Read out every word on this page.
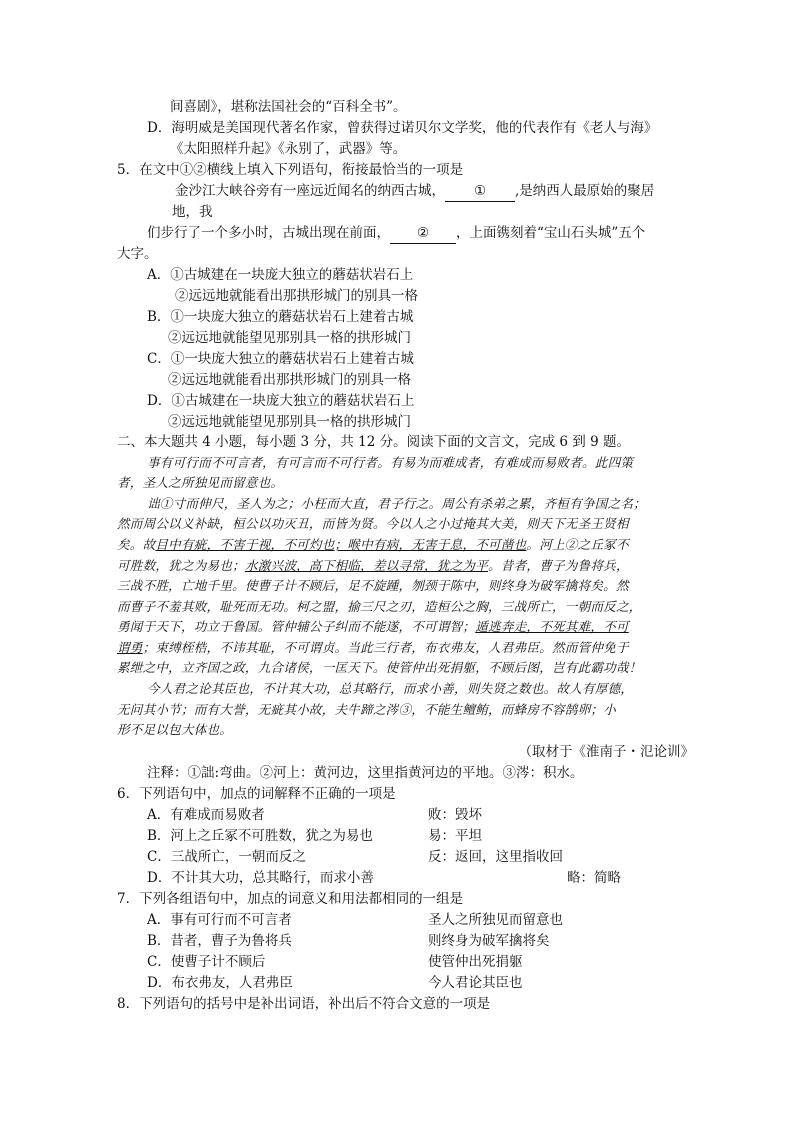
间喜剧》，堪称法国社会的“百科全书”。
D．海明威是美国现代著名作家，曾获得过诺贝尔文学奖，他的代表作有《老人与海》
《太阳照样升起》《永别了，武器》等。
5．在文中①②横线上填入下列语句，衔接最恰当的一项是
金沙江大峡谷旁有一座远近闻名的纳西古城， ① ,是纳西人最原始的聚居
地，我
们步行了一个多小时，古城出现在前面， ② ，上面镌刻着“宝山石头城”五个
大字。
A．①古城建在一块庞大独立的蘑菇状岩石上
②远远地就能看出那拱形城门的别具一格
B．①一块庞大独立的蘑菇状岩石上建着古城
②远远地就能望见那别具一格的拱形城门
C．①一块庞大独立的蘑菇状岩石上建着古城
②远远地就能看出那拱形城门的别具一格
D．①古城建在一块庞大独立的蘑菇状岩石上
②远远地就能望见那别具一格的拱形城门
二、本大题共 4 小题，每小题 3 分，共 12 分。阅读下面的文言文，完成 6 到 9 题。
事有可行而不可言者，有可言而不可行者。有易为而难成者，有难成而易败者。此四策
者，圣人之所独见而留意也。
诎①寸而伸尺，圣人为之；小枉而大直，君子行之。周公有杀弟之累，齐桓有争国之名；
然而周公以义补缺，桓公以功灭丑，而皆为贤。今以人之小过掩其大美，则天下无圣王贤相
矣。故目中有疵，不害于视，不可灼也；喉中有病，无害于息，不可凿也。河上②之丘冢不
可胜数，犹之为易也；水激兴波，高下相临，差以寻常，犹之为平。昔者，曹子为鲁将兵，
三战不胜，亡地千里。使曹子计不顾后，足不旋踵，刎颈于陈中，则终身为破军擒将矣。然
而曹子不羞其败，耻死而无功。柯之盟，揄三尺之刃，造桓公之胸，三战所亡，一朝而反之，
勇闻于天下，功立于鲁国。管仲辅公子纠而不能遂，不可谓智；遁逃奔走，不死其难，不可
谓勇；束缚桎梏，不讳其耻，不可谓贞。当此三行者，布衣弗友，人君弗臣。然而管仲免于
累绁之中，立齐国之政，九合诸侯，一匡天下。使管仲出死捐躯，不顾后图，岂有此霸功哉！
今人君之论其臣也，不计其大功，总其略行，而求小善，则失贤之数也。故人有厚德，
无问其小节；而有大誉，无疵其小故，夫牛蹄之涔③，不能生鳣鲔，而蜂房不容鹄卵；小
形不足以包大体也。
（取材于《淮南子・氾论训》
注释：①詘:弯曲。②河上：黄河边，这里指黄河边的平地。③涔：积水。
6．下列语句中，加点的词解释不正确的一项是
A．有难成而易败者	败：毁坏
B．河上之丘冢不可胜数，犹之为易也	易：平坦
C．三战所亡，一朝而反之	反：返回，这里指收回
D．不计其大功，总其略行，而求小善	略：简略
7．下列各组语句中，加点的词意义和用法都相同的一组是
A．事有可行而不可言者	圣人之所独见而留意也
B．昔者，曹子为鲁将兵	则终身为破军擒将矣
C．使曹子计不顾后	使管仲出死捐躯
D．布衣弗友，人君弗臣	今人君论其臣也
8．下列语句的括号中是补出词语，补出后不符合文意的一项是
